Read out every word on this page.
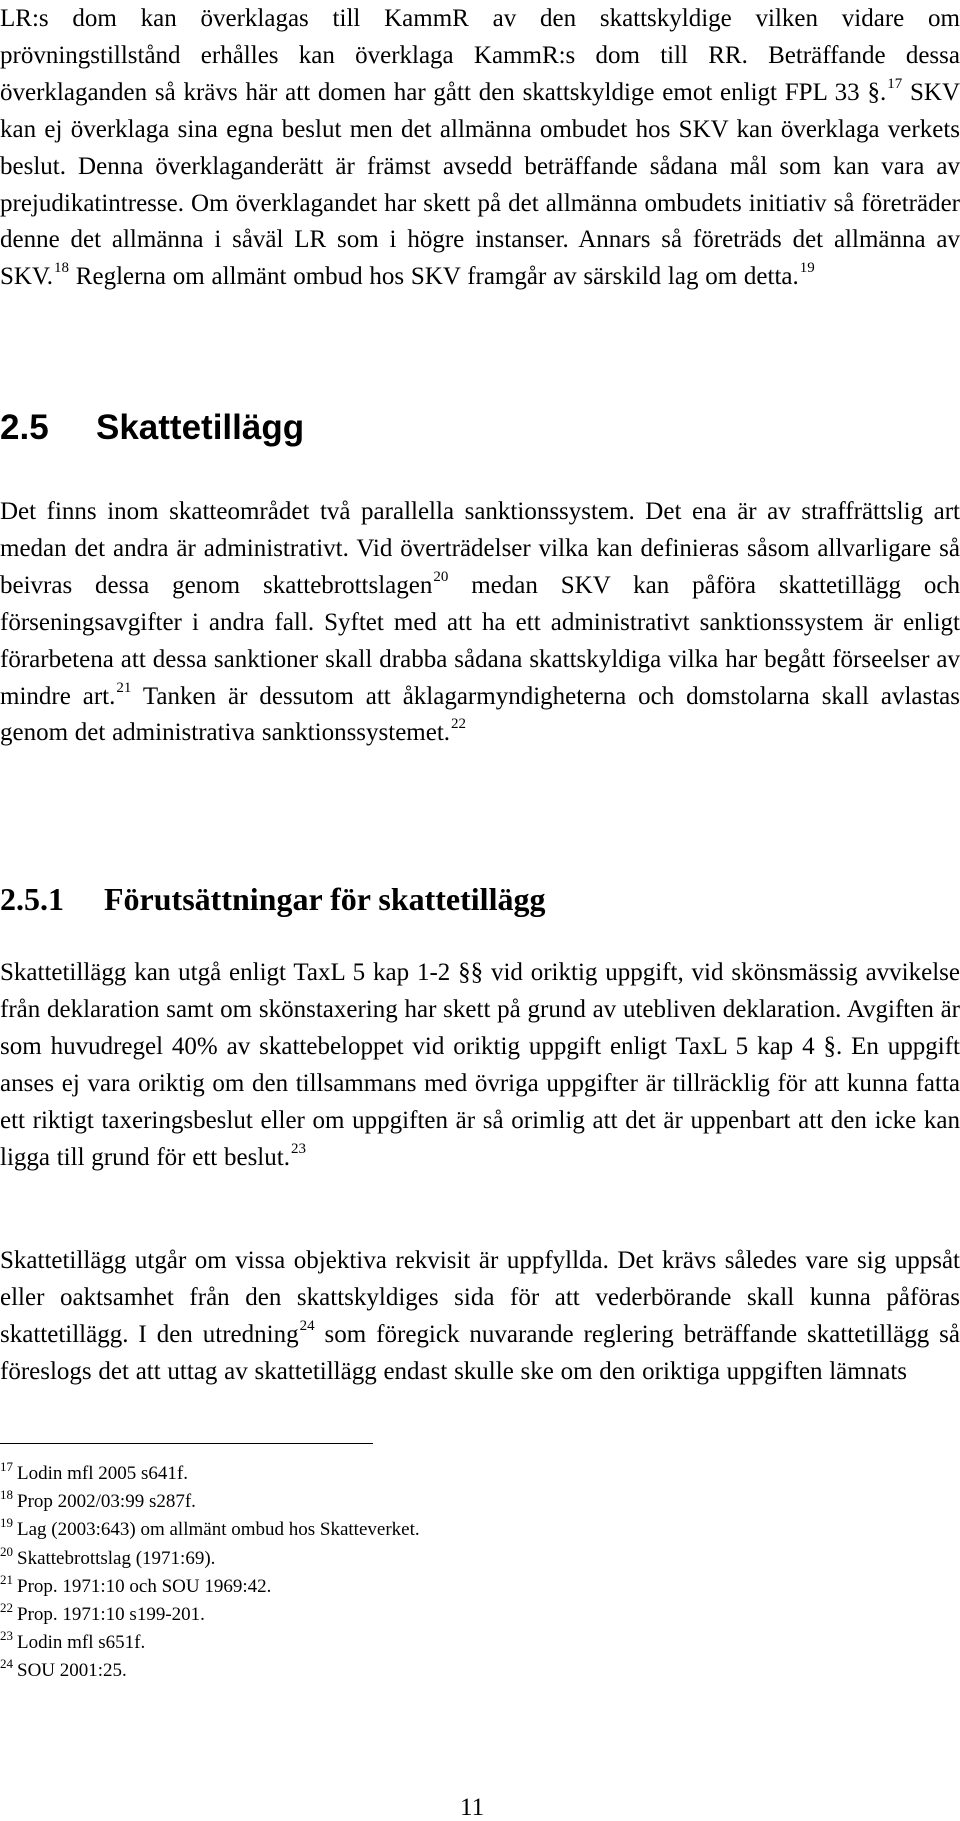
LR:s dom kan överklagas till KammR av den skattskyldige vilken vidare om prövningstillstånd erhålles kan överklaga KammR:s dom till RR. Beträffande dessa överklaganden så krävs här att domen har gått den skattskyldige emot enligt FPL 33 §.$^{17}$ SKV kan ej överklaga sina egna beslut men det allmänna ombudet hos SKV kan överklaga verkets beslut. Denna överklaganderätt är främst avsedd beträffande sådana mål som kan vara av prejudikatintresse. Om överklagandet har skett på det allmänna ombudets initiativ så företräder denne det allmänna i såväl LR som i högre instanser. Annars så företräds det allmänna av SKV.$^{18}$ Reglerna om allmänt ombud hos SKV framgår av särskild lag om detta.$^{19}$

2.5 Skattetillägg

Det finns inom skatteområdet två parallella sanktionssystem. Det ena är av straffrättslig art medan det andra är administrativt. Vid överträdelser vilka kan definieras såsom allvarligare så beivras dessa genom skattebrottslagen$^{20}$ medan SKV kan påföra skattetillägg och förseningsavgifter i andra fall. Syftet med att ha ett administrativt sanktionssystem är enligt förarbetena att dessa sanktioner skall drabba sådana skattskyldiga vilka har begått förseelser av mindre art.$^{21}$ Tanken är dessutom att åklagarmyndigheterna och domstolarna skall avlastas genom det administrativa sanktionssystemet.$^{22}$

2.5.1 Förutsättningar för skattetillägg

Skattetillägg kan utgå enligt TaxL 5 kap 1-2 §§ vid oriktig uppgift, vid skönsmässig avvikelse från deklaration samt om skönstaxering har skett på grund av utebliven deklaration. Avgiften är som huvudregel 40% av skattebeloppet vid oriktig uppgift enligt TaxL 5 kap 4 §. En uppgift anses ej vara oriktig om den tillsammans med övriga uppgifter är tillräcklig för att kunna fatta ett riktigt taxeringsbeslut eller om uppgiften är så orimlig att det är uppenbart att den icke kan ligga till grund för ett beslut.$^{23}$

Skattetillägg utgår om vissa objektiva rekvisit är uppfyllda. Det krävs således vare sig uppsåt eller oaktsamhet från den skattskyldiges sida för att vederbörande skall kunna påföras skattetillägg. I den utredning$^{24}$ som föregick nuvarande reglering beträffande skattetillägg så föreslogs det att uttag av skattetillägg endast skulle ske om den oriktiga uppgiften lämnats

$^{17}$ Lodin mfl 2005 s641f.
$^{18}$ Prop 2002/03:99 s287f.
$^{19}$ Lag (2003:643) om allmänt ombud hos Skatteverket.
$^{20}$ Skattebrottslag (1971:69).
$^{21}$ Prop. 1971:10 och SOU 1969:42.
$^{22}$ Prop. 1971:10 s199-201.
$^{23}$ Lodin mfl s651f.
$^{24}$ SOU 2001:25.
11
